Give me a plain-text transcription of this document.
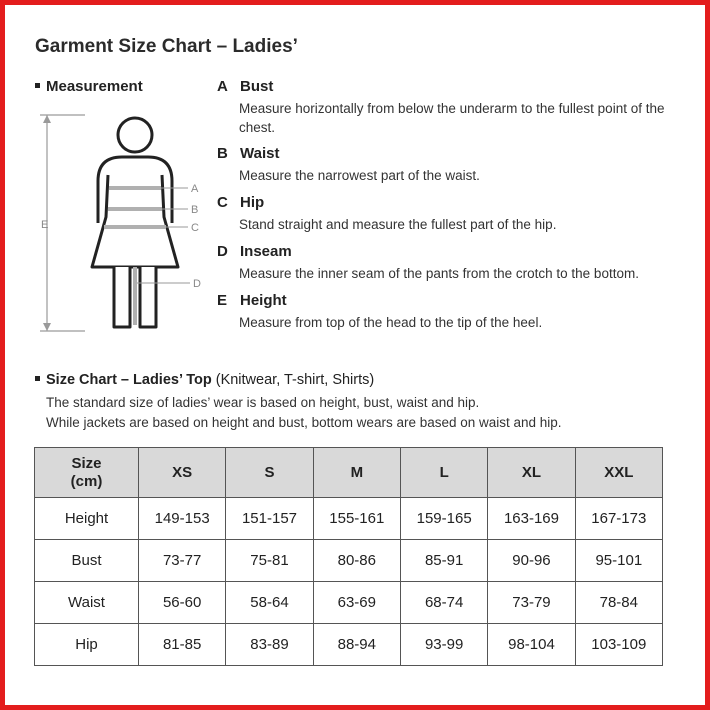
Garment Size Chart – Ladies’
Measurement
A
B
C
D
E
A Bust
Measure horizontally from below the underarm to the fullest point of the chest.
B Waist
Measure the narrowest part of the waist.
C Hip
Stand straight and measure the fullest part of the hip.
D Inseam
Measure the inner seam of the pants from the crotch to the bottom.
E Height
Measure from top of the head to the tip of the heel.
Size Chart – Ladies’ Top (Knitwear, T-shirt, Shirts)

The standard size of ladies’ wear is based on height, bust, waist and hip.

While jackets are based on height and bust, bottom wears are based on waist and hip.

Size
(cm)	XS	S	M	L	XL	XXL
Height	149-153	151-157	155-161	159-165	163-169	167-173
Bust	73-77	75-81	80-86	85-91	90-96	95-101
Waist	56-60	58-64	63-69	68-74	73-79	78-84
Hip	81-85	83-89	88-94	93-99	98-104	103-109
